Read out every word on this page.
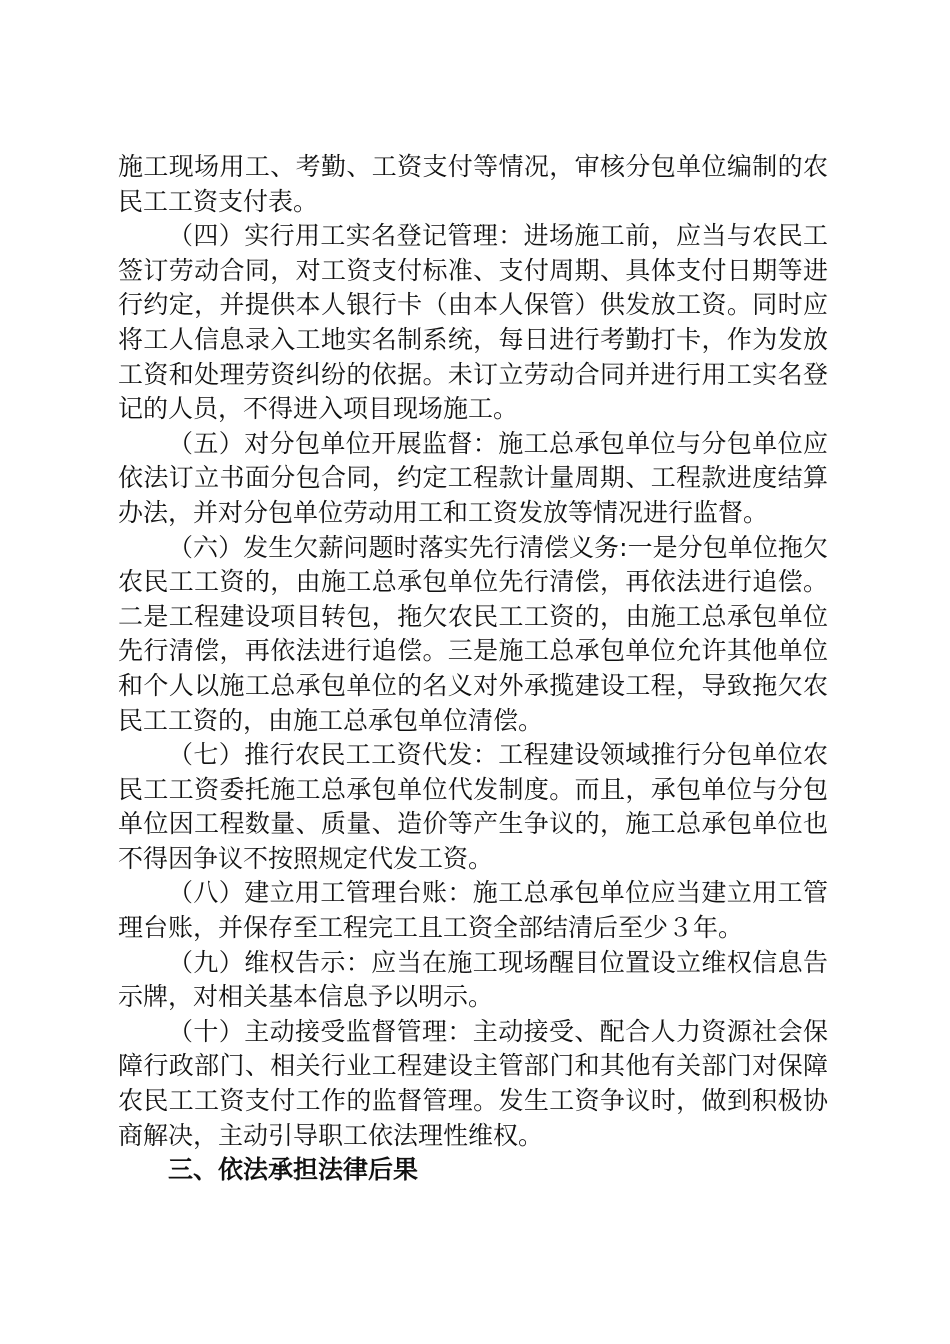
施工现场用工、考勤、工资支付等情况，审核分包单位编制的农民工工资支付表。

（四）实行用工实名登记管理：进场施工前，应当与农民工签订劳动合同，对工资支付标准、支付周期、具体支付日期等进行约定，并提供本人银行卡（由本人保管）供发放工资。同时应将工人信息录入工地实名制系统，每日进行考勤打卡，作为发放工资和处理劳资纠纷的依据。未订立劳动合同并进行用工实名登记的人员，不得进入项目现场施工。

（五）对分包单位开展监督：施工总承包单位与分包单位应依法订立书面分包合同，约定工程款计量周期、工程款进度结算办法，并对分包单位劳动用工和工资发放等情况进行监督。

（六）发生欠薪问题时落实先行清偿义务:一是分包单位拖欠农民工工资的，由施工总承包单位先行清偿，再依法进行追偿。二是工程建设项目转包，拖欠农民工工资的，由施工总承包单位先行清偿，再依法进行追偿。三是施工总承包单位允许其他单位和个人以施工总承包单位的名义对外承揽建设工程，导致拖欠农民工工资的，由施工总承包单位清偿。

（七）推行农民工工资代发：工程建设领域推行分包单位农民工工资委托施工总承包单位代发制度。而且，承包单位与分包单位因工程数量、质量、造价等产生争议的，施工总承包单位也不得因争议不按照规定代发工资。

（八）建立用工管理台账：施工总承包单位应当建立用工管理台账，并保存至工程完工且工资全部结清后至少３年。

（九）维权告示：应当在施工现场醒目位置设立维权信息告示牌，对相关基本信息予以明示。

（十）主动接受监督管理：主动接受、配合人力资源社会保障行政部门、相关行业工程建设主管部门和其他有关部门对保障农民工工资支付工作的监督管理。发生工资争议时，做到积极协商解决，主动引导职工依法理性维权。

三、依法承担法律后果
